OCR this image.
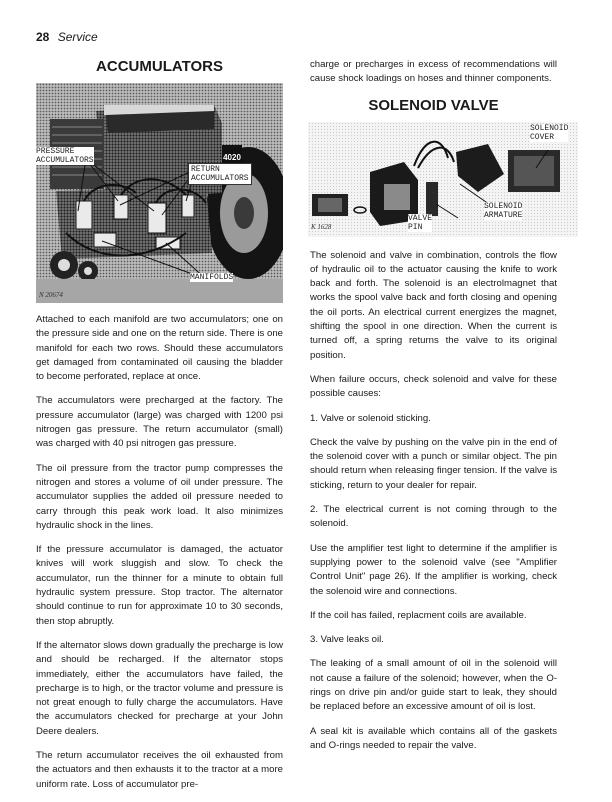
28 Service
ACCUMULATORS
4020
PRESSURE
ACCUMULATORS
RETURN
ACCUMULATORS
MANIFOLDS
N 20674

Attached to each manifold are two accumulators; one on the pressure side and one on the return side. There is one manifold for each two rows. Should these accumulators get damaged from contaminated oil causing the bladder to become perforated, replace at once.

The accumulators were precharged at the factory. The pressure accumulator (large) was charged with 1200 psi nitrogen gas pressure. The return accumulator (small) was charged with 40 psi nitrogen gas pressure.

The oil pressure from the tractor pump compresses the nitrogen and stores a volume of oil under pressure. The accumulator supplies the added oil pressure needed to carry through this peak work load. It also minimizes hydraulic shock in the lines.

If the pressure accumulator is damaged, the actuator knives will work sluggish and slow. To check the accumulator, run the thinner for a minute to obtain full hydraulic system pressure. Stop tractor. The alternator should continue to run for approximate 10 to 30 seconds, then stop abruptly.

If the alternator slows down gradually the precharge is low and should be recharged. If the alternator stops immediately, either the accumulators have failed, the precharge is to high, or the tractor volume and pressure is not great enough to fully charge the accumulators. Have the accumulators checked for precharge at your John Deere dealers.

The return accumulator receives the oil exhausted from the actuators and then exhausts it to the tractor at a more uniform rate. Loss of accumulator pre-

charge or precharges in excess of recommendations will cause shock loadings on hoses and thinner components.

SOLENOID VALVE
SOLENOID
COVER
SOLENOID
ARMATURE
VALVE
PIN
K 1628

The solenoid and valve in combination, controls the flow of hydraulic oil to the actuator causing the knife to work back and forth. The solenoid is an electrolmagnet that works the spool valve back and forth closing and opening the oil ports. An electrical current energizes the magnet, shifting the spool in one direction. When the current is turned off, a spring returns the valve to its original position.

When failure occurs, check solenoid and valve for these possible causes:

1. Valve or solenoid sticking.

Check the valve by pushing on the valve pin in the end of the solenoid cover with a punch or similar object. The pin should return when releasing finger tension. If the valve is sticking, return to your dealer for repair.

2. The electrical current is not coming through to the solenoid.

Use the amplifier test light to determine if the amplifier is supplying power to the solenoid valve (see "Amplifier Control Unit" page 26). If the amplifier is working, check the solenoid wire and connections.

If the coil has failed, replacment coils are available.

3. Valve leaks oil.

The leaking of a small amount of oil in the solenoid will not cause a failure of the solenoid; however, when the O-rings on drive pin and/or guide start to leak, they should be replaced before an excessive amount of oil is lost.

A seal kit is available which contains all of the gaskets and O-rings needed to repair the valve.
